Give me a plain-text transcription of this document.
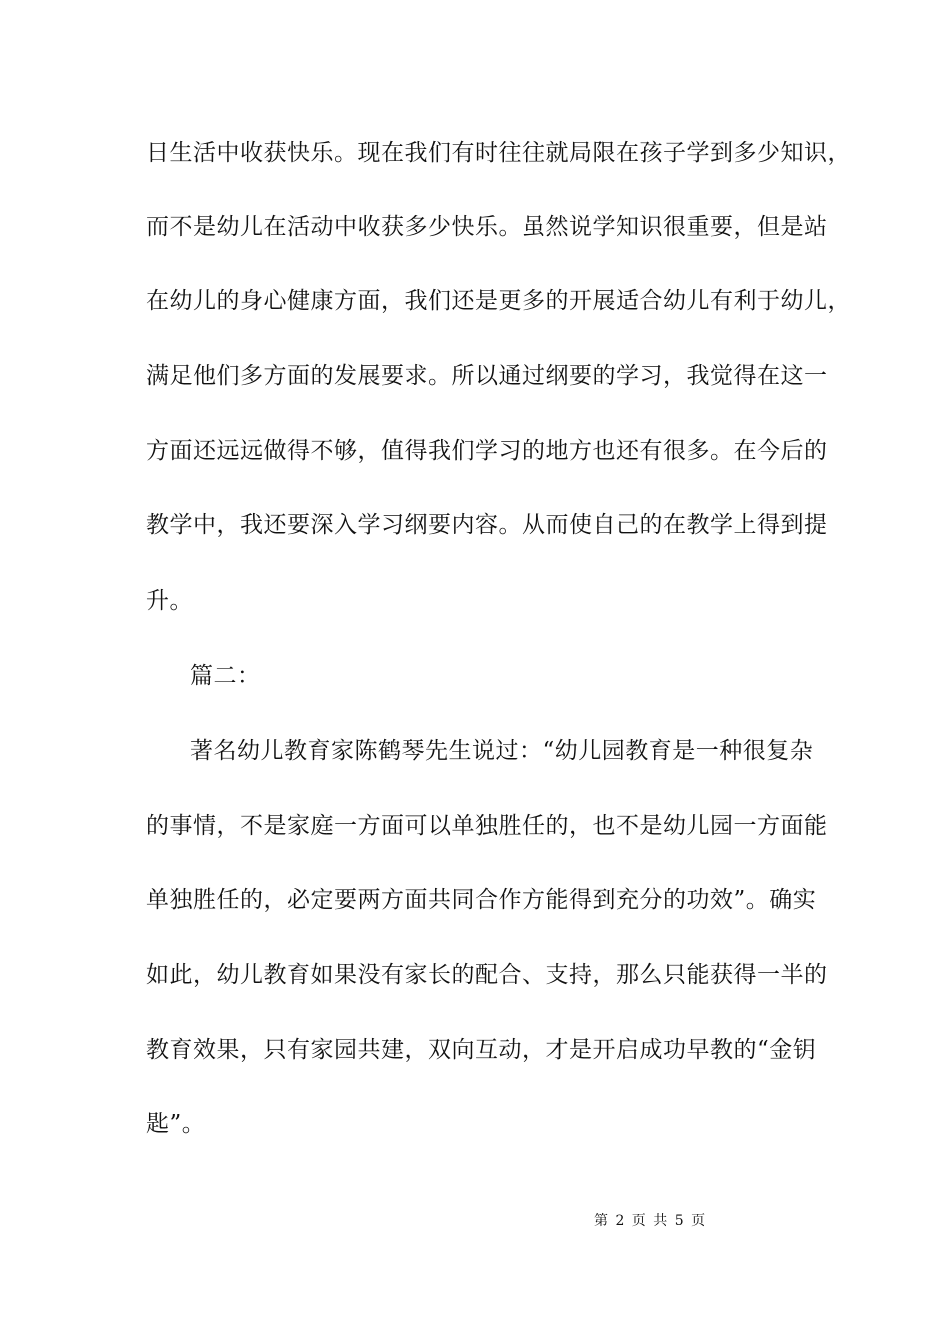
日生活中收获快乐。现在我们有时往往就局限在孩子学到多少知识，
而不是幼儿在活动中收获多少快乐。虽然说学知识很重要，但是站
在幼儿的身心健康方面，我们还是更多的开展适合幼儿有利于幼儿，
满足他们多方面的发展要求。所以通过纲要的学习，我觉得在这一
方面还远远做得不够，值得我们学习的地方也还有很多。在今后的
教学中，我还要深入学习纲要内容。从而使自己的在教学上得到提
升。
篇二：
著名幼儿教育家陈鹤琴先生说过：“幼儿园教育是一种很复杂
的事情，不是家庭一方面可以单独胜任的，也不是幼儿园一方面能
单独胜任的，必定要两方面共同合作方能得到充分的功效”。确实
如此，幼儿教育如果没有家长的配合、支持，那么只能获得一半的
教育效果，只有家园共建，双向互动，才是开启成功早教的“金钥
匙”。
第 2 页 共 5 页
